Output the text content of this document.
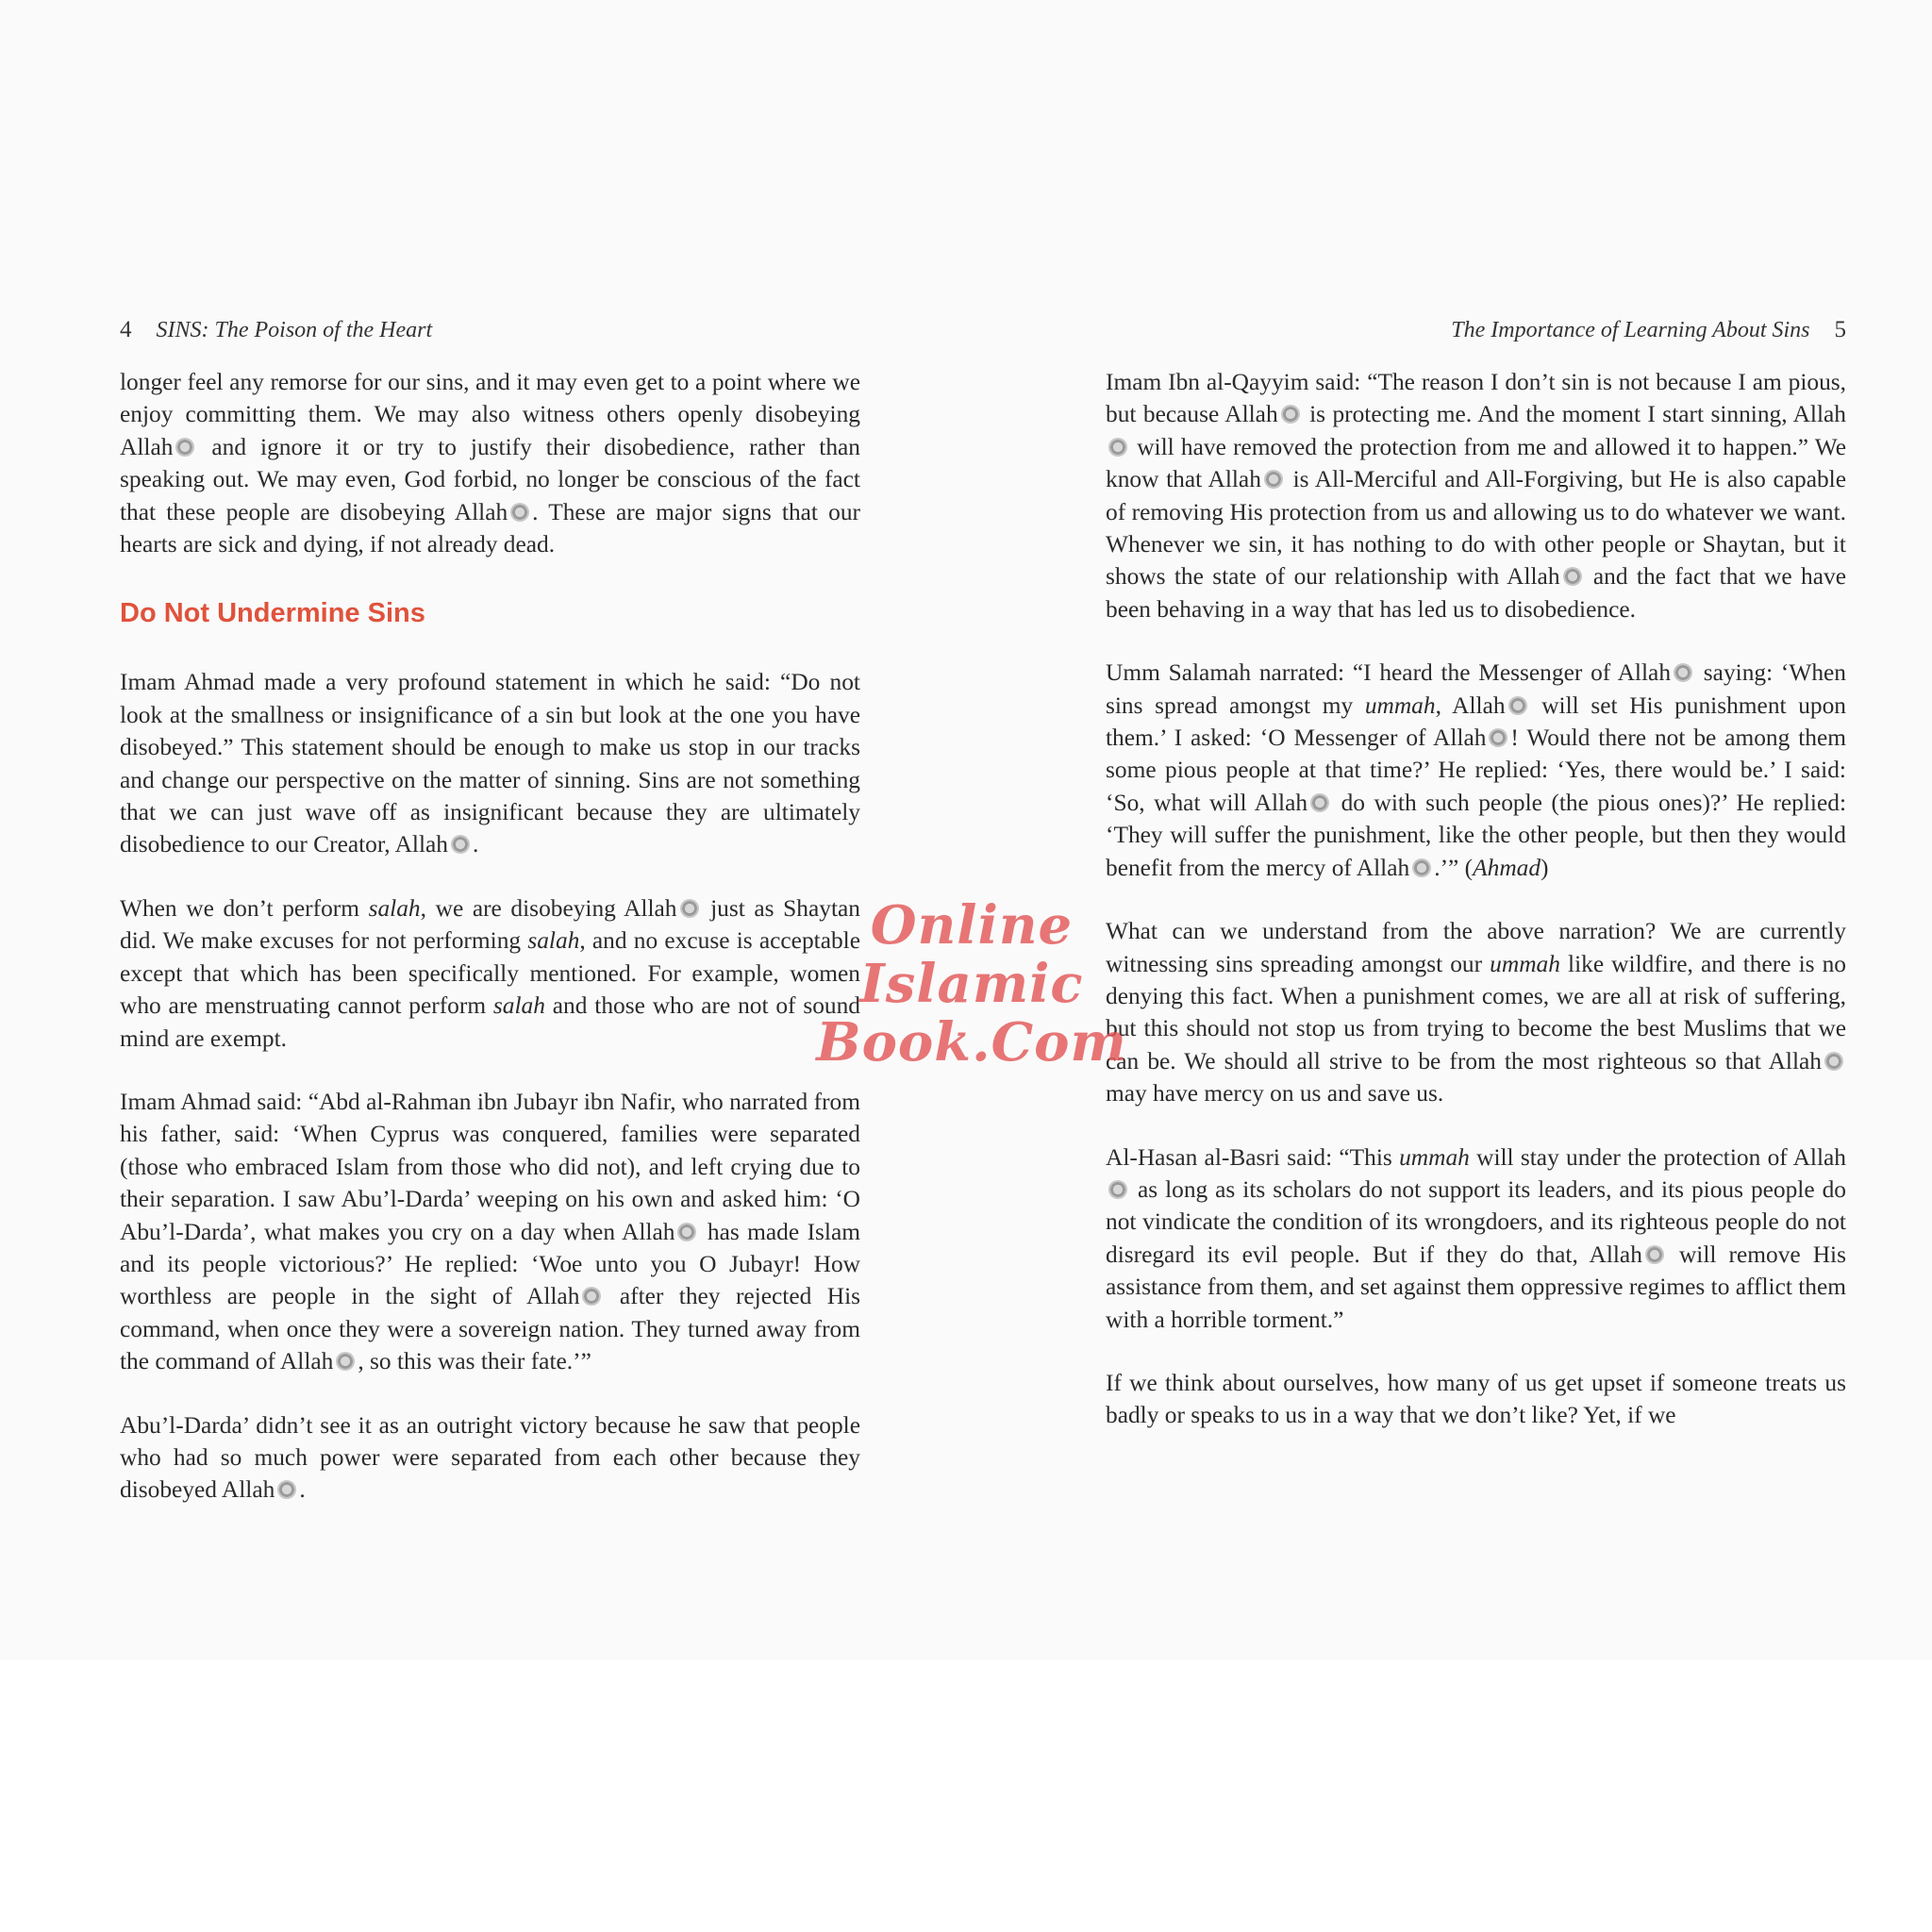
4 SINS: The Poison of the Heart

longer feel any remorse for our sins, and it may even get to a point where we enjoy committing them. We may also witness others openly disobeying Allah and ignore it or try to justify their disobedience, rather than speaking out. We may even, God forbid, no longer be conscious of the fact that these people are disobeying Allah . These are major signs that our hearts are sick and dying, if not already dead.

Do Not Undermine Sins

Imam Ahmad made a very profound statement in which he said: “Do not look at the smallness or insignificance of a sin but look at the one you have disobeyed.” This statement should be enough to make us stop in our tracks and change our perspective on the matter of sinning. Sins are not something that we can just wave off as insignificant because they are ultimately disobedience to our Creator, Allah .

When we don’t perform salah, we are disobeying Allah just as Shaytan did. We make excuses for not performing salah, and no excuse is acceptable except that which has been specifically mentioned. For example, women who are menstruating cannot perform salah and those who are not of sound mind are exempt.

Imam Ahmad said: “Abd al-Rahman ibn Jubayr ibn Nafir, who narrated from his father, said: ‘When Cyprus was conquered, families were separated (those who embraced Islam from those who did not), and left crying due to their separation. I saw Abu’l-Darda’ weeping on his own and asked him: ‘O Abu’l-Darda’, what makes you cry on a day when Allah has made Islam and its people victorious?’ He replied: ‘Woe unto you O Jubayr! How worthless are people in the sight of Allah after they rejected His command, when once they were a sovereign nation. They turned away from the command of Allah , so this was their fate.’”

Abu’l-Darda’ didn’t see it as an outright victory because he saw that people who had so much power were separated from each other because they disobeyed Allah .

The Importance of Learning About Sins 5

Imam Ibn al-Qayyim said: “The reason I don’t sin is not because I am pious, but because Allah is protecting me. And the moment I start sinning, Allah will have removed the protection from me and allowed it to happen.” We know that Allah is All-Merciful and All-Forgiving, but He is also capable of removing His protection from us and allowing us to do whatever we want. Whenever we sin, it has nothing to do with other people or Shaytan, but it shows the state of our relationship with Allah and the fact that we have been behaving in a way that has led us to disobedience.

Umm Salamah narrated: “I heard the Messenger of Allah saying: ‘When sins spread amongst my ummah, Allah will set His punishment upon them.’ I asked: ‘O Messenger of Allah ! Would there not be among them some pious people at that time?’ He replied: ‘Yes, there would be.’ I said: ‘So, what will Allah do with such people (the pious ones)?’ He replied: ‘They will suffer the punishment, like the other people, but then they would benefit from the mercy of Allah .’” (Ahmad)

What can we understand from the above narration? We are currently witnessing sins spreading amongst our ummah like wildfire, and there is no denying this fact. When a punishment comes, we are all at risk of suffering, but this should not stop us from trying to become the best Muslims that we can be. We should all strive to be from the most righteous so that Allah may have mercy on us and save us.

Al-Hasan al-Basri said: “This ummah will stay under the protection of Allah as long as its scholars do not support its leaders, and its pious people do not vindicate the condition of its wrongdoers, and its righteous people do not disregard its evil people. But if they do that, Allah will remove His assistance from them, and set against them oppressive regimes to afflict them with a horrible torment.”

If we think about ourselves, how many of us get upset if someone treats us badly or speaks to us in a way that we don’t like? Yet, if we

Online Islamic
Book.Com
